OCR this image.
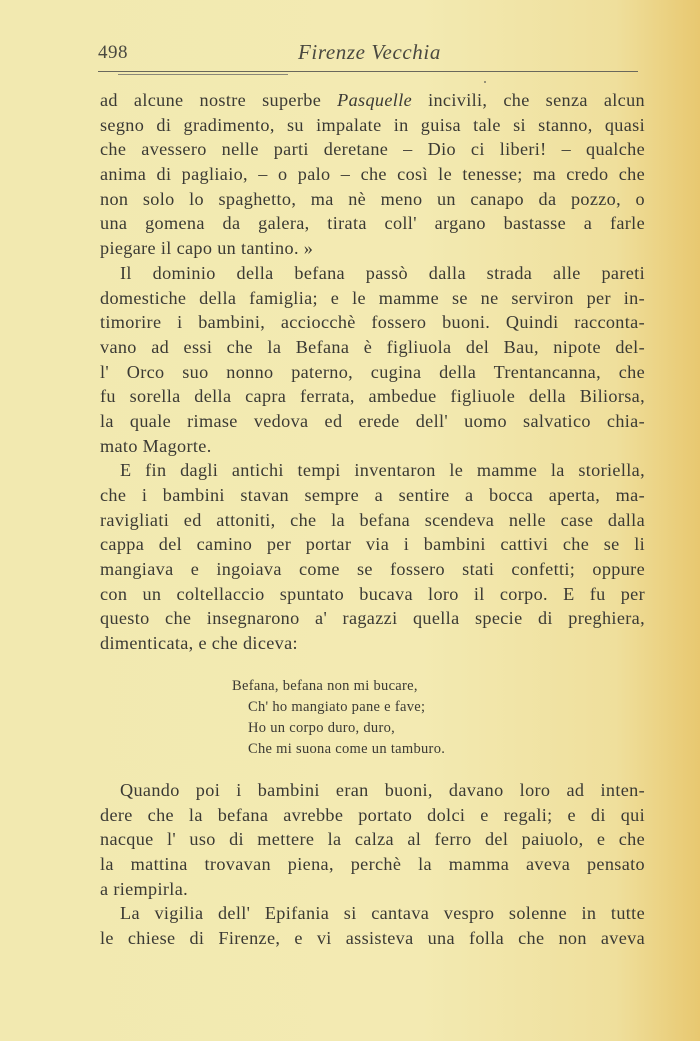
498	Firenze Vecchia
ad alcune nostre superbe Pasquelle incivili, che senza alcun
segno di gradimento, su impalate in guisa tale si stanno, quasi
che avessero nelle parti deretane – Dio ci liberi! – qualche
anima di pagliaio, – o palo – che così le tenesse; ma credo che
non solo lo spaghetto, ma nè meno un canapo da pozzo, o
una gomena da galera, tirata coll' argano bastasse a farle
piegare il capo un tantino. »
Il dominio della befana passò dalla strada alle pareti
domestiche della famiglia; e le mamme se ne serviron per in-
timorire i bambini, acciocchè fossero buoni. Quindi racconta-
vano ad essi che la Befana è figliuola del Bau, nipote del-
l' Orco suo nonno paterno, cugina della Trentancanna, che
fu sorella della capra ferrata, ambedue figliuole della Biliorsa,
la quale rimase vedova ed erede dell' uomo salvatico chia-
mato Magorte.
E fin dagli antichi tempi inventaron le mamme la storiella,
che i bambini stavan sempre a sentire a bocca aperta, ma-
ravigliati ed attoniti, che la befana scendeva nelle case dalla
cappa del camino per portar via i bambini cattivi che se li
mangiava e ingoiava come se fossero stati confetti; oppure
con un coltellaccio spuntato bucava loro il corpo. E fu per
questo che insegnarono a' ragazzi quella specie di preghiera,
dimenticata, e che diceva:
Befana, befana non mi bucare,
Ch' ho mangiato pane e fave;
Ho un corpo duro, duro,
Che mi suona come un tamburo.
Quando poi i bambini eran buoni, davano loro ad inten-
dere che la befana avrebbe portato dolci e regali; e di qui
nacque l' uso di mettere la calza al ferro del paiuolo, e che
la mattina trovavan piena, perchè la mamma aveva pensato
a riempirla.
La vigilia dell' Epifania si cantava vespro solenne in tutte
le chiese di Firenze, e vi assisteva una folla che non aveva
